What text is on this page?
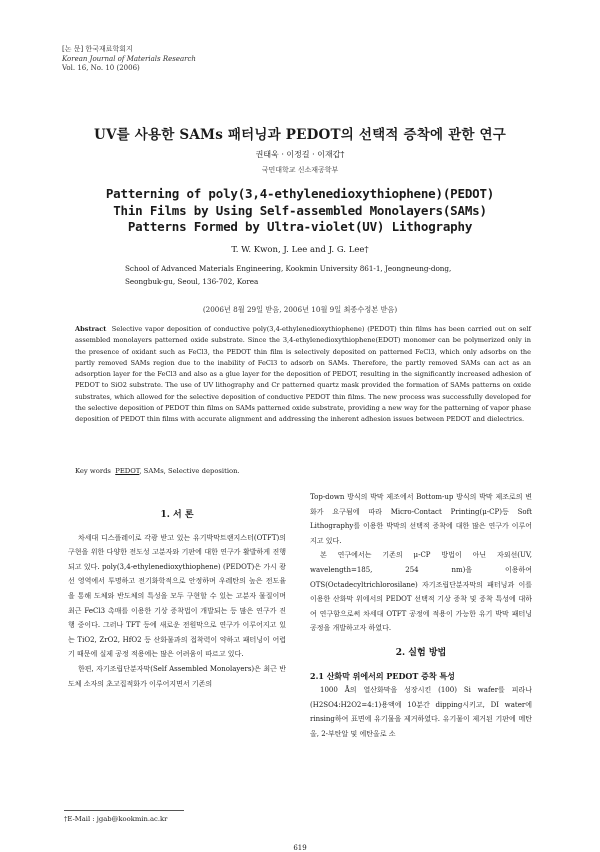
[논 문] 한국재료학회지
Korean Journal of Materials Research
Vol. 16, No. 10 (2006)
UV를 사용한 SAMs 패터닝과 PEDOT의 선택적 증착에 관한 연구
권태욱 · 이정길 · 이재갑†
국민대학교 신소재공학부
Patterning of poly(3,4-ethylenedioxythiophene)(PEDOT)
Thin Films by Using Self-assembled Monolayers(SAMs)
Patterns Formed by Ultra-violet(UV) Lithography
T. W. Kwon, J. Lee and J. G. Lee†
School of Advanced Materials Engineering, Kookmin University 861-1, Jeongneung-dong, Seongbuk-gu, Seoul, 136-702, Korea
(2006년 8월 29일 받음, 2006년 10월 9일 최종수정본 받음)
Abstract Selective vapor deposition of conductive poly(3,4-ethylenedioxythiophene) (PEDOT) thin films has been carried out on self assembled monolayers patterned oxide substrate. Since the 3,4-ethylenedioxythiophene(EDOT) monomer can be polymerized only in the presence of oxidant such as FeCl3, the PEDOT thin film is selectively deposited on patterned FeCl3, which only adsorbs on the partly removed SAMs region due to the inability of FeCl3 to adsorb on SAMs. Therefore, the partly removed SAMs can act as an adsorption layer for the FeCl3 and also as a glue layer for the deposition of PEDOT, resulting in the significantly increased adhesion of PEDOT to SiO2 substrate. The use of UV lithography and Cr patterned quartz mask provided the formation of SAMs patterns on oxide substrates, which allowed for the selective deposition of conductive PEDOT thin films. The new process was successfully developed for the selective deposition of PEDOT thin films on SAMs patterned oxide substrate, providing a new way for the patterning of vapor phase deposition of PEDOT thin films with accurate alignment and addressing the inherent adhesion issues between PEDOT and dielectrics.
Key words PEDOT, SAMs, Selective deposition.
1. 서 론

차세대 디스플레이로 각광 받고 있는 유기박막트랜지스터(OTFT)의 구현을 위한 다양한 전도성 고분자와 기판에 대한 연구가 활발하게 진행되고 있다. poly(3,4-ethylenedioxythiophene) (PEDOT)은 가시 광선 영역에서 투명하고 전기화학적으로 안정하며 우레탄의 높은 전도율을 통해 도체와 반도체의 특성을 모두 구현할 수 있는 고분자 물질이며 최근 FeCl3 촉매를 이용한 기상 증착법이 개발되는 등 많은 연구가 진행 중이다. 그러나 TFT 등에 새로운 전원막으로 연구가 이루어지고 있는 TiO2, ZrO2, HfO2 등 산화물과의 접착력이 약하고 패터닝이 어렵기 때문에 실제 공정 적용에는 많은 어려움이 따르고 있다.

한편, 자기조립단분자막(Self Assembled Monolayers)은 최근 반도체 소자의 초고집적화가 이루어지면서 기존의

Top-down 방식의 박막 제조에서 Bottom-up 방식의 박막 제조로의 변화가 요구됨에 따라 Micro-Contact Printing(μ-CP)등 Soft Lithography를 이용한 박막의 선택적 증착에 대한 많은 연구가 이루어지고 있다.

본 연구에서는 기존의 μ-CP 방법이 아닌 자외선(UV, wavelength=185, 254 nm)을 이용하여 OTS(Octadecyltrichlorosilane) 자기조립단분자막의 패터닝과 이를 이용한 산화막 위에서의 PEDOT 선택적 기상 증착 및 증착 특성에 대하여 연구함으로써 차세대 OTFT 공정에 적용이 가능한 유기 박막 패터닝 공정을 개발하고자 하였다.

2. 실험 방법
2.1 산화막 위에서의 PEDOT 증착 특성

1000 Å의 열산화막을 성장시킨 (100) Si wafer를 피라나(H2SO4:H2O2=4:1)용액에 10분간 dipping시키고, DI water에 rinsing하여 표면에 유기물을 제거하였다. 유기물이 제거된 기판에 메탄올, 2-부탄알 및 에탄올로 소

†E-Mail : jgab@kookmin.ac.kr
619
